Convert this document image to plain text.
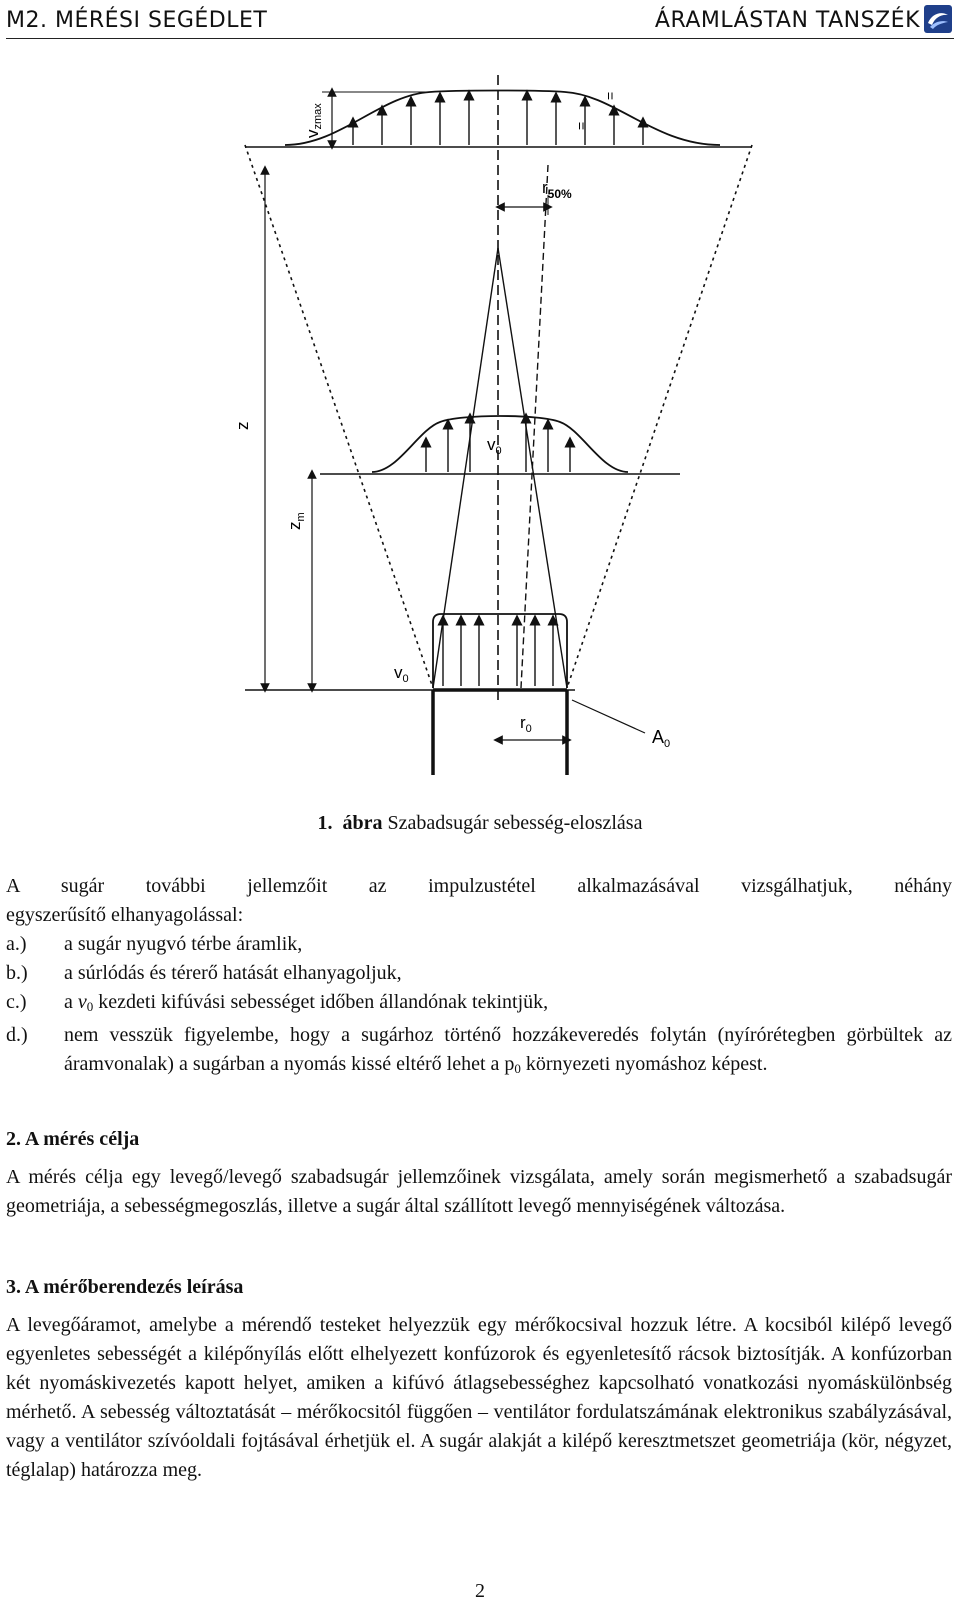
M2. MÉRÉSI SEGÉDLET	ÁRAMLÁSTAN TANSZÉK
vzmax
=
=
$r_{50\%}$
z
$v_0$
$z_m$
$v_0$
$r_0$	$A_0$
1. ábra Szabadsugár sebesség-eloszlása
A sugár további jellemzőit az impulzustétel alkalmazásával vizsgálhatjuk, néhány
egyszerűsítő elhanyagolással:
a.)	a sugár nyugvó térbe áramlik,
b.)	a súrlódás és térerő hatását elhanyagoljuk,
c.)	a $v_0$ kezdeti kifúvási sebességet időben állandónak tekintjük,
d.)	nem vesszük figyelembe, hogy a sugárhoz történő hozzákeveredés folytán (nyírórétegben görbültek az áramvonalak) a sugárban a nyomás kissé eltérő lehet a $p_0$ környezeti nyomáshoz képest.
2. A mérés célja
A mérés célja egy levegő/levegő szabadsugár jellemzőinek vizsgálata, amely során megismerhető a szabadsugár geometriája, a sebességmegoszlás, illetve a sugár által szállított levegő mennyiségének változása.
3. A mérőberendezés leírása
A levegőáramot, amelybe a mérendő testeket helyezzük egy mérőkocsival hozzuk létre. A kocsiból kilépő levegő egyenletes sebességét a kilépőnyílás előtt elhelyezett konfúzorok és egyenletesítő rácsok biztosítják. A konfúzorban két nyomáskivezetés kapott helyet, amiken a kifúvó átlagsebességhez kapcsolható vonatkozási nyomáskülönbség mérhető. A sebesség változtatását – mérőkocsitól függően – ventilátor fordulatszámának elektronikus szabályzásával, vagy a ventilátor szívóoldali fojtásával érhetjük el. A sugár alakját a kilépő keresztmetszet geometriája (kör, négyzet, téglalap) határozza meg.
2
